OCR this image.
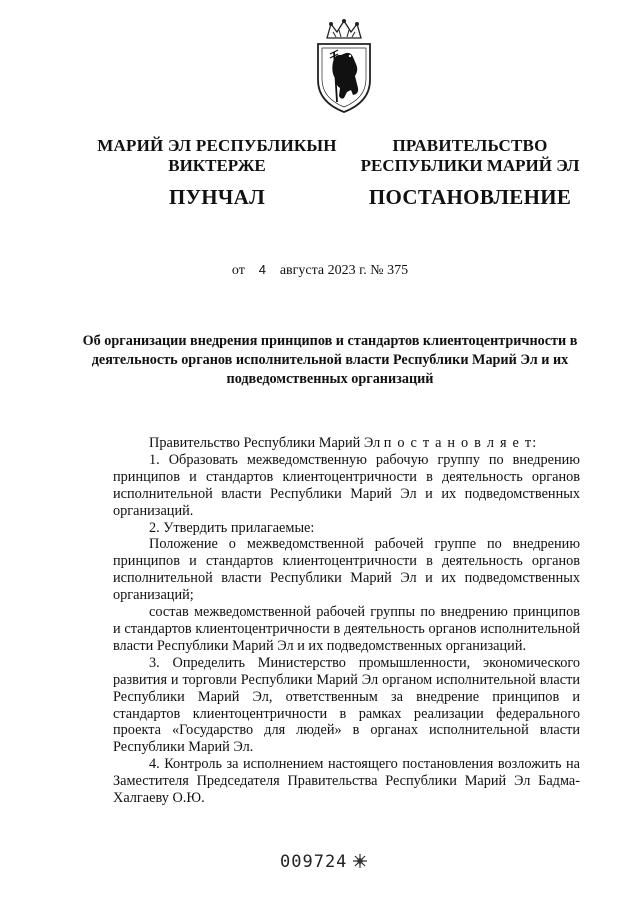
МАРИЙ ЭЛ РЕСПУБЛИКЫН
ВИКТЕРЖЕ
ПУНЧАЛ
ПРАВИТЕЛЬСТВО
РЕСПУБЛИКИ МАРИЙ ЭЛ
ПОСТАНОВЛЕНИЕ
от 4 августа 2023 г. № 375
Об организации внедрения принципов и стандартов клиентоцентричности в деятельность органов исполнительной власти Республики Марий Эл и их подведомственных организаций

Правительство Республики Марий Эл п о с т а н о в л я е т:

1. Образовать межведомственную рабочую группу по внедрению принципов и стандартов клиентоцентричности в деятельность органов исполнительной власти Республики Марий Эл и их подведомственных организаций.

2. Утвердить прилагаемые:

Положение о межведомственной рабочей группе по внедрению принципов и стандартов клиентоцентричности в деятельность органов исполнительной власти Республики Марий Эл и их подведомственных организаций;

состав межведомственной рабочей группы по внедрению принципов и стандартов клиентоцентричности в деятельность органов исполнительной власти Республики Марий Эл и их подведомственных организаций.

3. Определить Министерство промышленности, экономического развития и торговли Республики Марий Эл органом исполнительной власти Республики Марий Эл, ответственным за внедрение принципов и стандартов клиентоцентричности в рамках реализации федерального проекта «Государство для людей» в органах исполнительной власти Республики Марий Эл.

4. Контроль за исполнением настоящего постановления возложить на Заместителя Председателя Правительства Республики Марий Эл Бадма-Халгаеву О.Ю.

009724
